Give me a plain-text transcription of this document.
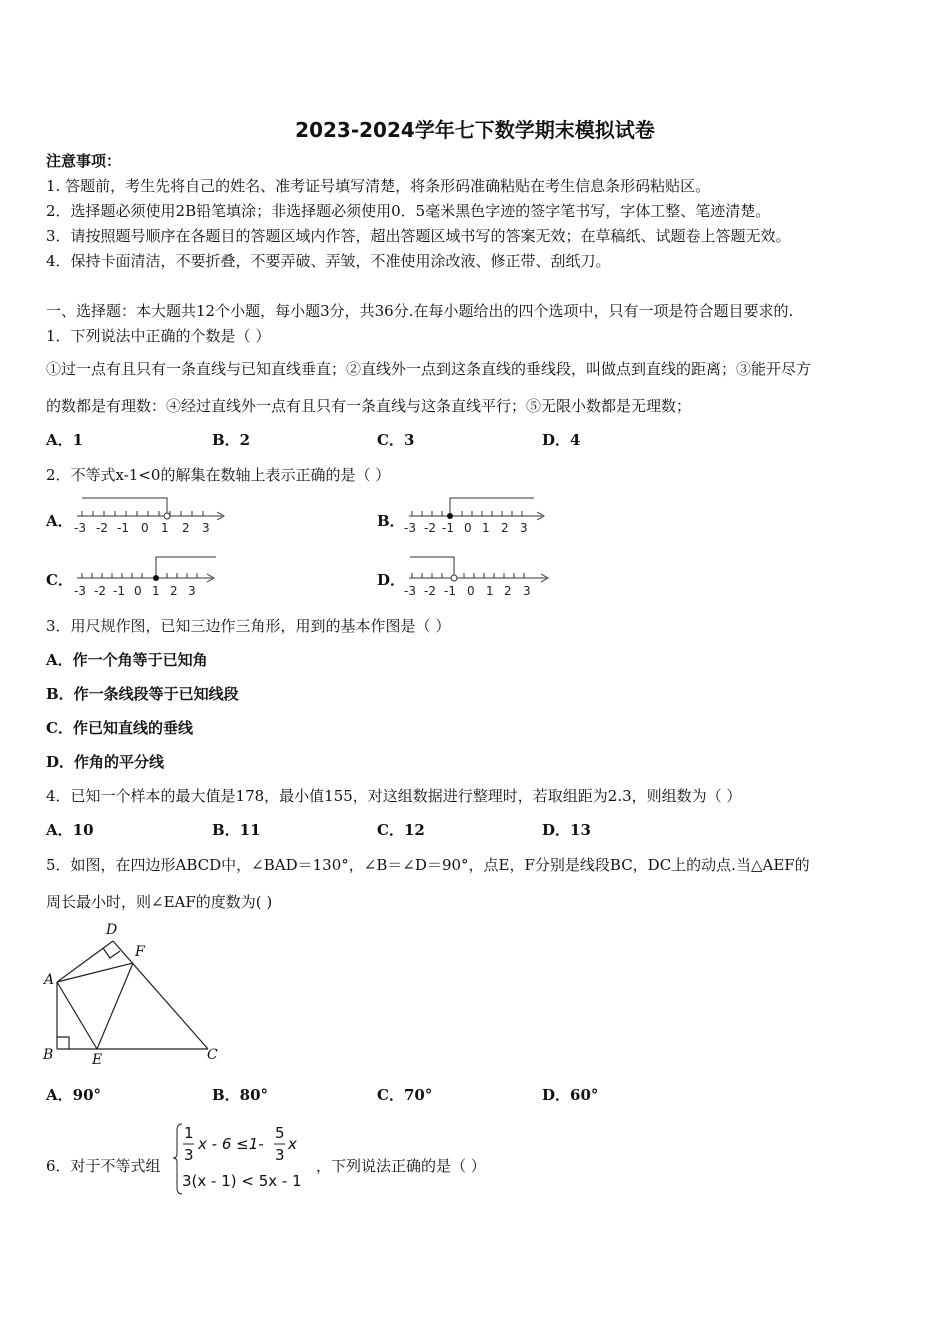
2023-2024学年七下数学期末模拟试卷
注意事项：
1. 答题前，考生先将自己的姓名、准考证号填写清楚，将条形码准确粘贴在考生信息条形码粘贴区。
2．选择题必须使用2B铅笔填涂；非选择题必须使用0．5毫米黑色字迹的签字笔书写，字体工整、笔迹清楚。
3．请按照题号顺序在各题目的答题区域内作答，超出答题区域书写的答案无效；在草稿纸、试题卷上答题无效。
4．保持卡面清洁，不要折叠，不要弄破、弄皱，不准使用涂改液、修正带、刮纸刀。
一、选择题：本大题共12个小题，每小题3分，共36分.在每小题给出的四个选项中，只有一项是符合题目要求的.
1．下列说法中正确的个数是（ ）
①过一点有且只有一条直线与已知直线垂直；②直线外一点到这条直线的垂线段，叫做点到直线的距离；③能开尽方
的数都是有理数：④经过直线外一点有且只有一条直线与这条直线平行；⑤无限小数都是无理数；
A．1	B．2	C．3	D．4
2．不等式x-1<0的解集在数轴上表示正确的是（ ）
A．	B．
C．	D．
-3 -2 -1 0 1 2 3	-3 -2 -1 0 1 2 3
-3 -2 -1 0 1 2 3	-3 -2 -1 0 1 2 3
3．用尺规作图，已知三边作三角形，用到的基本作图是（ ）
A．作一个角等于已知角
B．作一条线段等于已知线段
C．作已知直线的垂线
D．作角的平分线
4．已知一个样本的最大值是178，最小值155，对这组数据进行整理时，若取组距为2.3，则组数为（ ）
A．10	B．11	C．12	D．13
5．如图，在四边形ABCD中，∠BAD＝130°，∠B＝∠D＝90°，点E，F分别是线段BC，DC上的动点.当△AEF的
周长最小时，则∠EAF的度数为( )
D
F
A
B	E	C
A．90°	B．80°	C．70°	D．60°
6．对于不等式组
1
3
x - 6 ≤1-
5
3
x
3(x - 1) < 5x - 1
，下列说法正确的是（ ）
